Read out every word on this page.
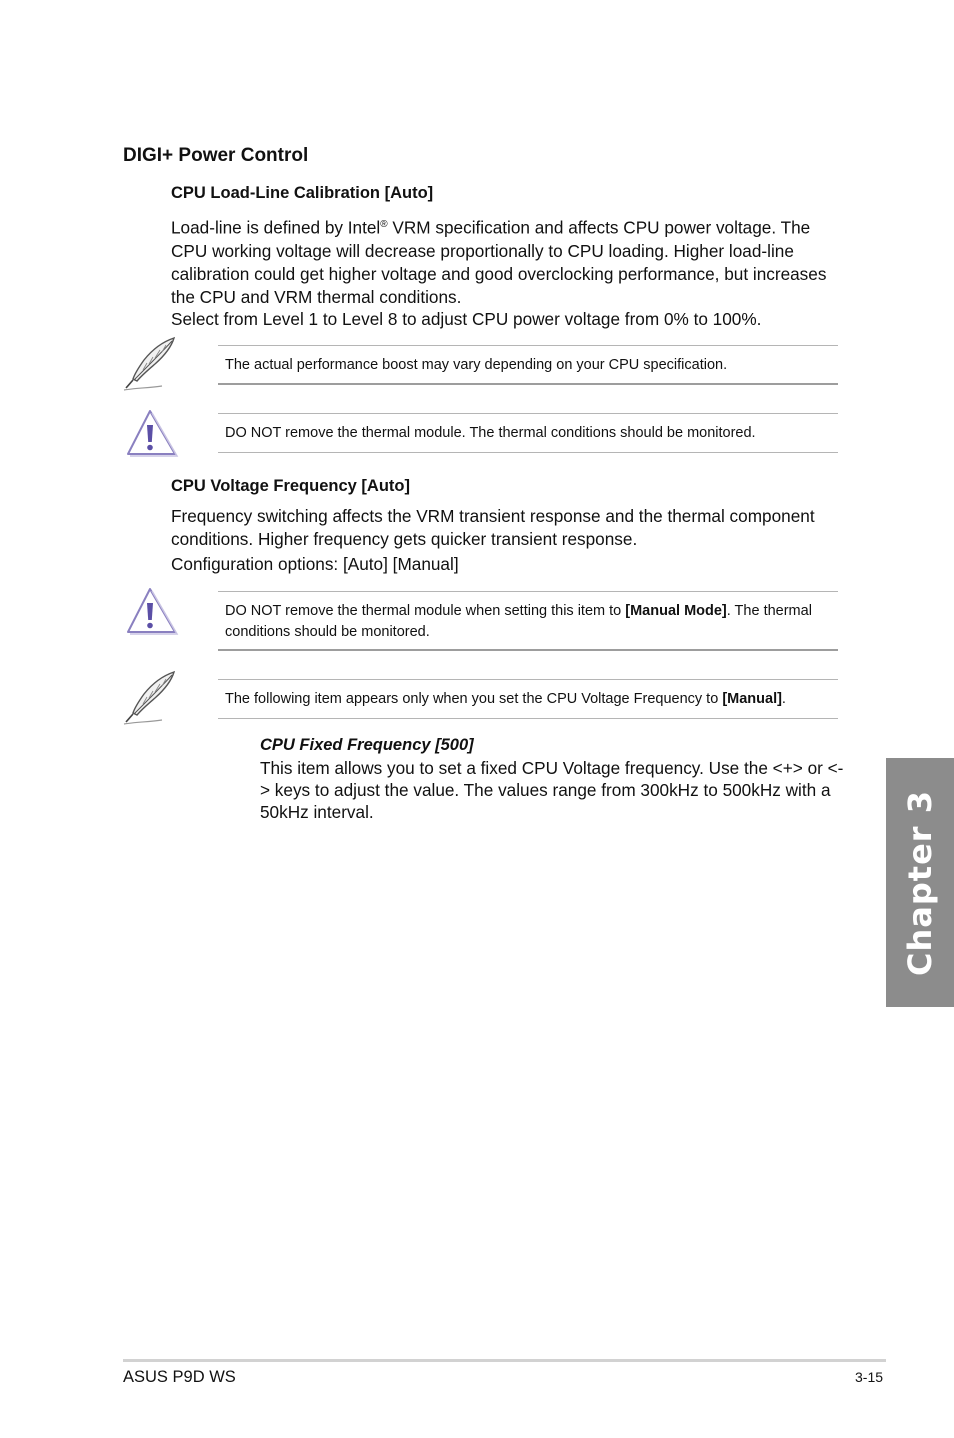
DIGI+ Power Control
CPU Load-Line Calibration [Auto]
Load-line is defined by Intel® VRM specification and affects CPU power voltage. The CPU working voltage will decrease proportionally to CPU loading. Higher load-line calibration could get higher voltage and good overclocking performance, but increases the CPU and VRM thermal conditions.
Select from Level 1 to Level 8 to adjust CPU power voltage from 0% to 100%.
The actual performance boost may vary depending on your CPU specification.
DO NOT remove the thermal module. The thermal conditions should be monitored.
CPU Voltage Frequency [Auto]
Frequency switching affects the VRM transient response and the thermal component conditions. Higher frequency gets quicker transient response.
Configuration options: [Auto] [Manual]
DO NOT remove the thermal module when setting this item to [Manual Mode]. The thermal conditions should be monitored.
The following item appears only when you set the CPU Voltage Frequency to [Manual].
CPU Fixed Frequency [500]
This item allows you to set a fixed CPU Voltage frequency. Use the <+> or <-> keys to adjust the value. The values range from 300kHz to 500kHz with a 50kHz interval.	Chapter 3
ASUS P9D WS	3-15
